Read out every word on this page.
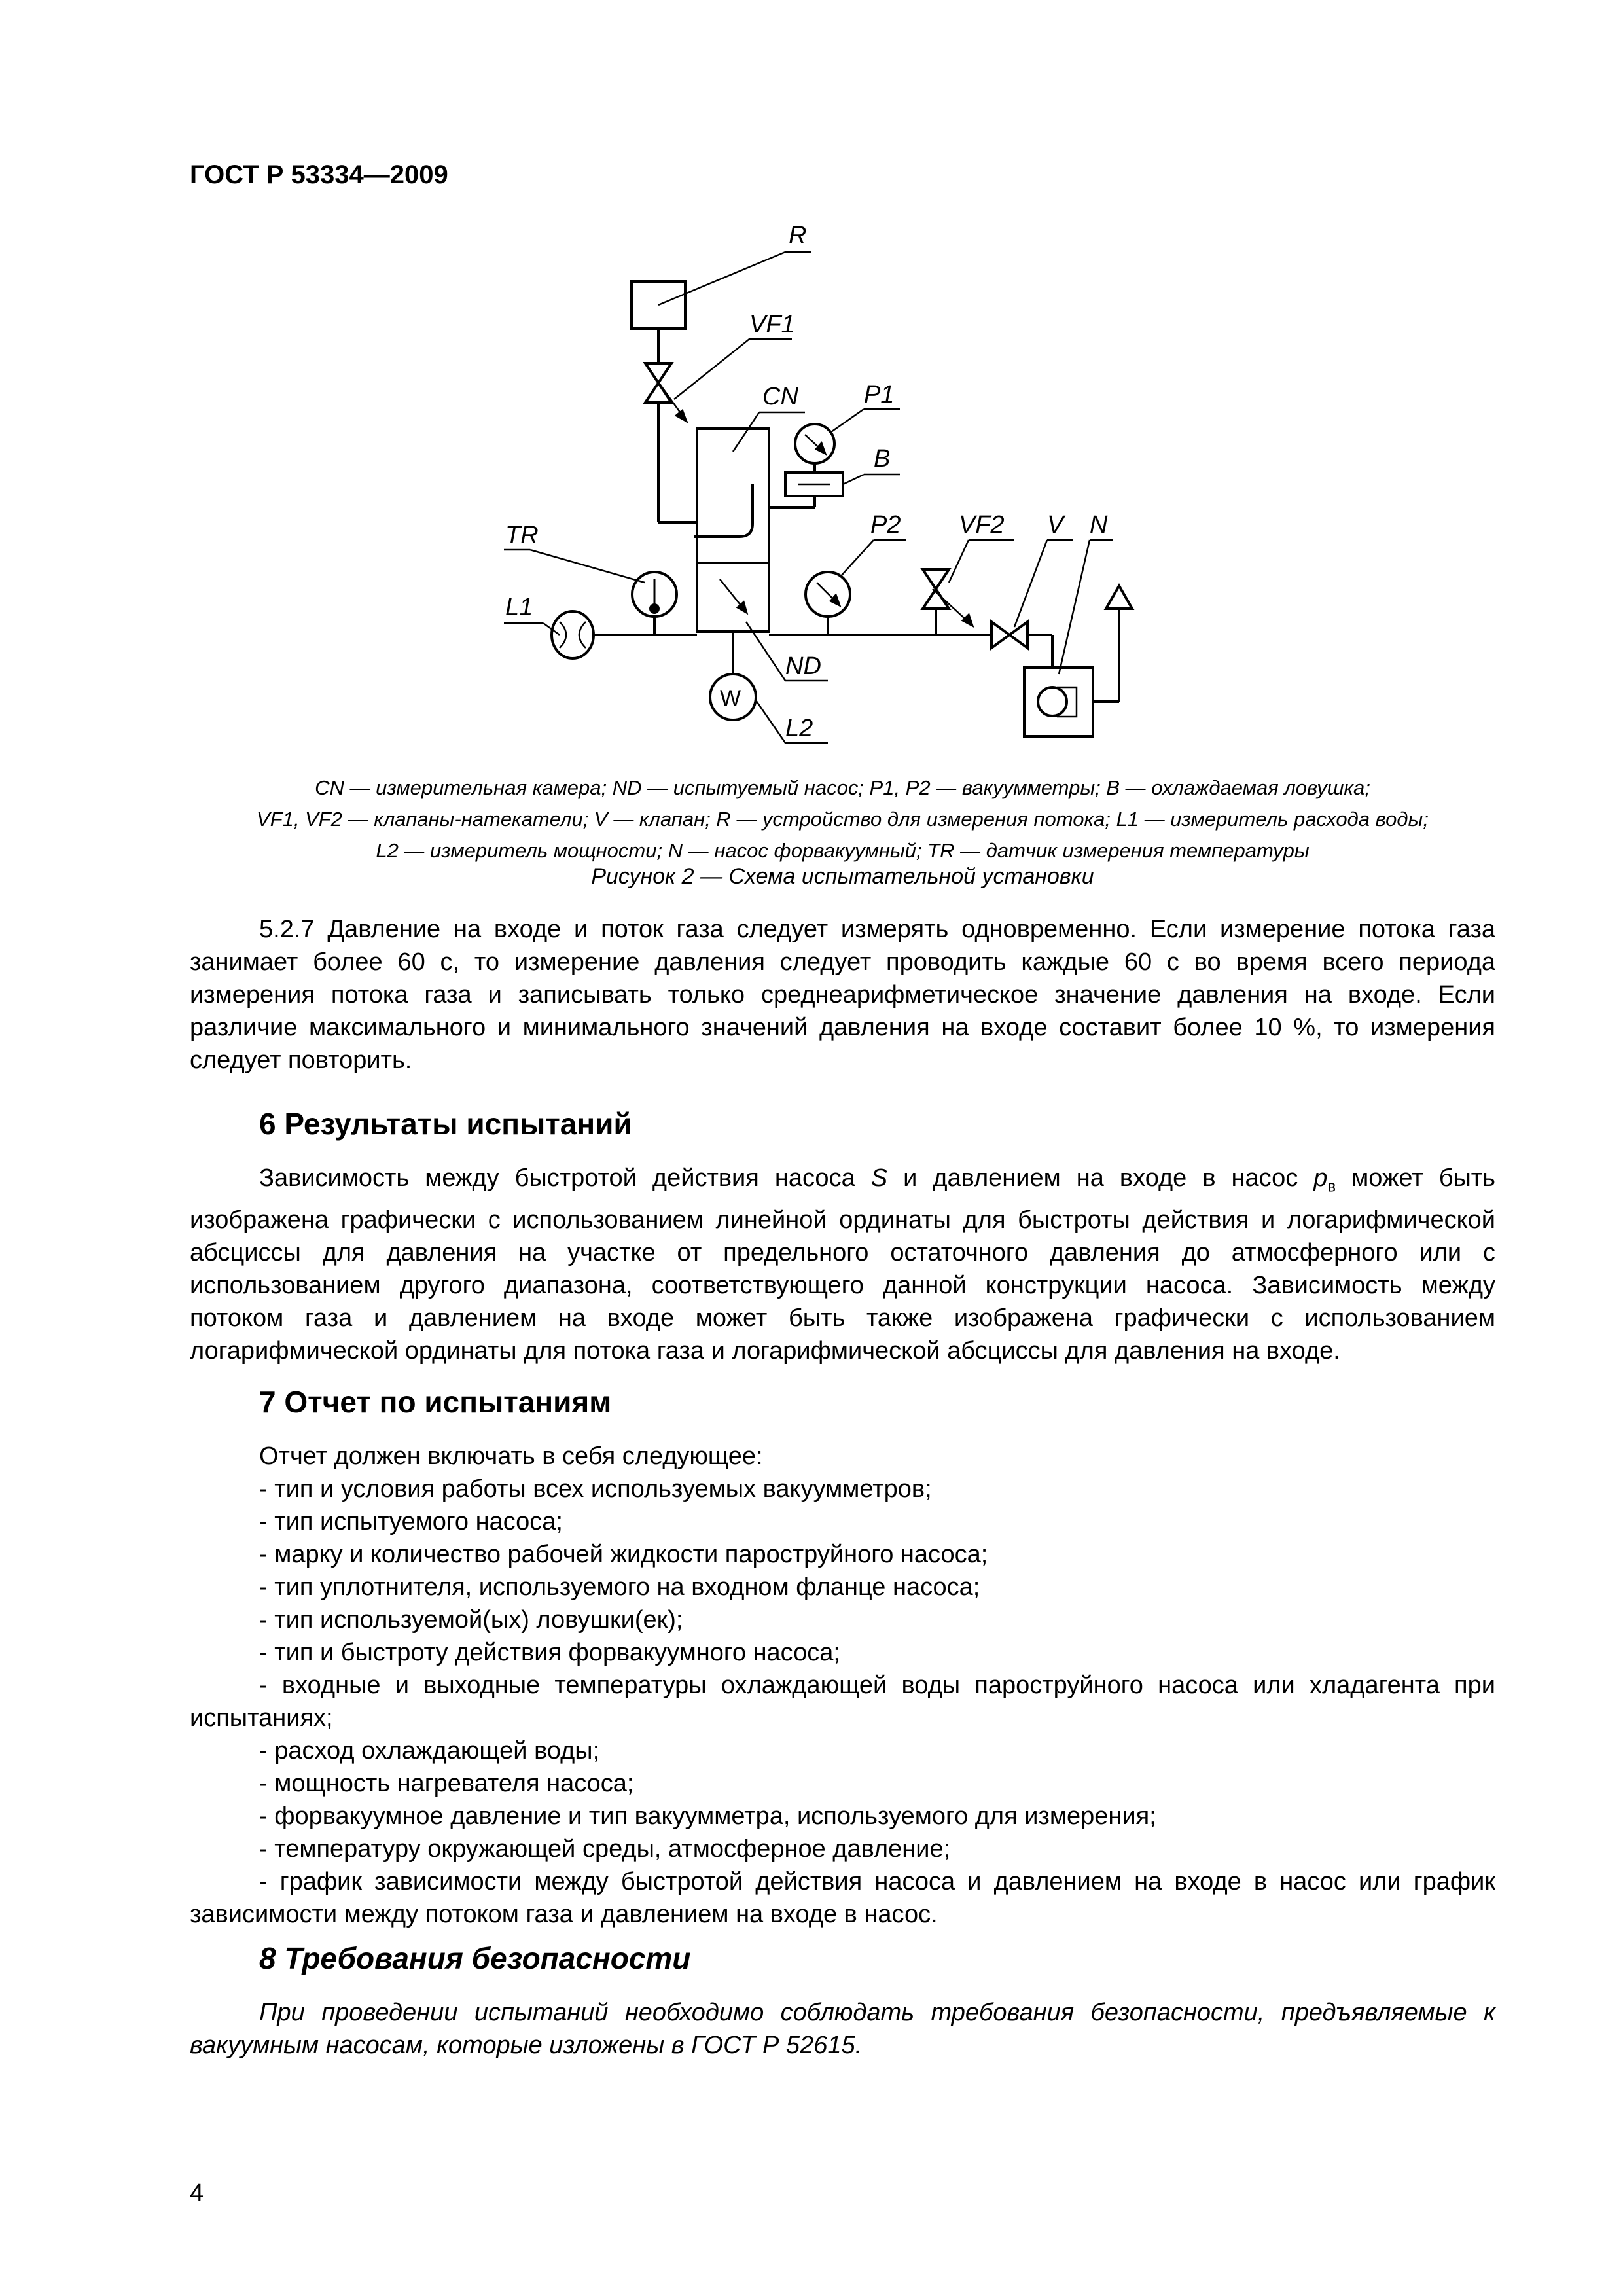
ГОСТ Р 53334—2009
R
VF1
CN	P1
B
TR	P2 VF2 V N
L1
ND
L2
W
CN — измерительная камера; ND — испытуемый насос; P1, P2 — вакуумметры; B — охлаждаемая ловушка;
VF1, VF2 — клапаны-натекатели; V — клапан; R — устройство для измерения потока; L1 — измеритель расхода воды;
L2 — измеритель мощности; N — насос форвакуумный; TR — датчик измерения температуры
Рисунок 2 — Схема испытательной установки

5.2.7 Давление на входе и поток газа следует измерять одновременно. Если измерение потока газа занимает более 60 с, то измерение давления следует проводить каждые 60 с во время всего периода измерения потока газа и записывать только среднеарифметическое значение давления на входе. Если различие максимального и минимального значений давления на входе составит более 10 %, то измерения следует повторить.

6 Результаты испытаний

Зависимость между быстротой действия насоса S и давлением на входе в насос $p_в$ может быть изображена графически с использованием линейной ординаты для быстроты действия и логарифмической абсциссы для давления на участке от предельного остаточного давления до атмосферного или с использованием другого диапазона, соответствующего данной конструкции насоса. Зависимость между потоком газа и давлением на входе может быть также изображена графически с использованием логарифмической ординаты для потока газа и логарифмической абсциссы для давления на входе.

7 Отчет по испытаниям
Отчет должен включать в себя следующее:
- тип и условия работы всех используемых вакуумметров;
- тип испытуемого насоса;
- марку и количество рабочей жидкости пароструйного насоса;
- тип уплотнителя, используемого на входном фланце насоса;
- тип используемой(ых) ловушки(ек);
- тип и быстроту действия форвакуумного насоса;
- входные и выходные температуры охлаждающей воды пароструйного насоса или хладагента при испытаниях;
- расход охлаждающей воды;
- мощность нагревателя насоса;
- форвакуумное давление и тип вакуумметра, используемого для измерения;
- температуру окружающей среды, атмосферное давление;
- график зависимости между быстротой действия насоса и давлением на входе в насос или график зависимости между потоком газа и давлением на входе в насос.
8 Требования безопасности

При проведении испытаний необходимо соблюдать требования безопасности, предъявляемые к вакуумным насосам, которые изложены в ГОСТ Р 52615.

4
